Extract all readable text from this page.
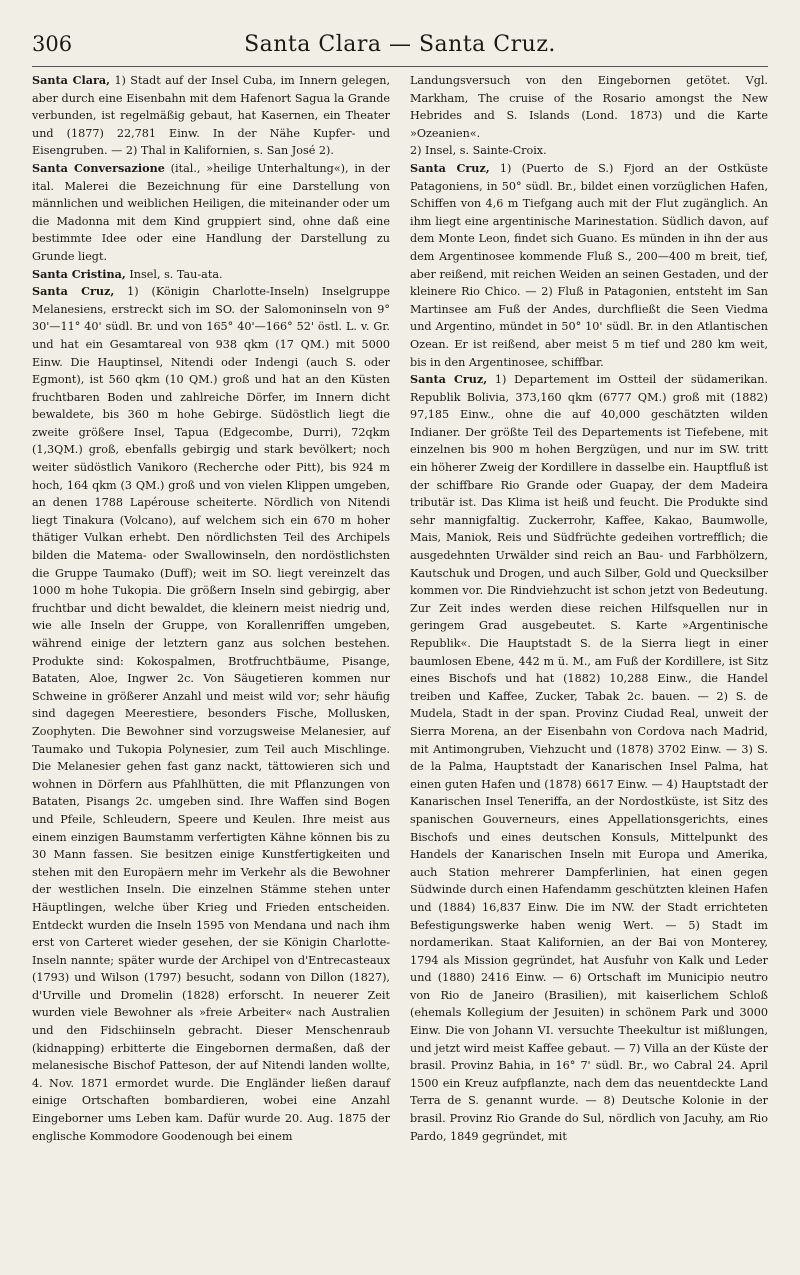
306	Santa Clara — Santa Cruz.

Santa Clara, 1) Stadt auf der Insel Cuba, im Innern gelegen, aber durch eine Eisenbahn mit dem Hafenort Sagua la Grande verbunden, ist regelmäßig gebaut, hat Kasernen, ein Theater und (1877) 22,781 Einw. In der Nähe Kupfer- und Eisengruben. — 2) Thal in Kalifornien, s. San José 2).

Santa Conversazione (ital., »heilige Unterhaltung«), in der ital. Malerei die Bezeichnung für eine Darstellung von männlichen und weiblichen Heiligen, die miteinander oder um die Madonna mit dem Kind gruppiert sind, ohne daß eine bestimmte Idee oder eine Handlung der Darstellung zu Grunde liegt.

Santa Cristina, Insel, s. Tau-ata.

Santa Cruz, 1) (Königin Charlotte-Inseln) Inselgruppe Melanesiens, erstreckt sich im SO. der Salomoninseln von 9° 30'—11° 40' südl. Br. und von 165° 40'—166° 52' östl. L. v. Gr. und hat ein Gesamtareal von 938 qkm (17 QM.) mit 5000 Einw. Die Hauptinsel, Nitendi oder Indengi (auch S. oder Egmont), ist 560 qkm (10 QM.) groß und hat an den Küsten fruchtbaren Boden und zahlreiche Dörfer, im Innern dicht bewaldete, bis 360 m hohe Gebirge. Südöstlich liegt die zweite größere Insel, Tapua (Edgecombe, Durri), 72qkm (1,3QM.) groß, ebenfalls gebirgig und stark bevölkert; noch weiter südöstlich Vanikoro (Recherche oder Pitt), bis 924 m hoch, 164 qkm (3 QM.) groß und von vielen Klippen umgeben, an denen 1788 Lapérouse scheiterte. Nördlich von Nitendi liegt Tinakura (Volcano), auf welchem sich ein 670 m hoher thätiger Vulkan erhebt. Den nördlichsten Teil des Archipels bilden die Matema- oder Swallowinseln, den nordöstlichsten die Gruppe Taumako (Duff); weit im SO. liegt vereinzelt das 1000 m hohe Tukopia. Die größern Inseln sind gebirgig, aber fruchtbar und dicht bewaldet, die kleinern meist niedrig und, wie alle Inseln der Gruppe, von Korallenriffen umgeben, während einige der letztern ganz aus solchen bestehen. Produkte sind: Kokospalmen, Brotfruchtbäume, Pisange, Bataten, Aloe, Ingwer 2c. Von Säugetieren kommen nur Schweine in größerer Anzahl und meist wild vor; sehr häufig sind dagegen Meerestiere, besonders Fische, Mollusken, Zoophyten. Die Bewohner sind vorzugsweise Melanesier, auf Taumako und Tukopia Polynesier, zum Teil auch Mischlinge. Die Melanesier gehen fast ganz nackt, tättowieren sich und wohnen in Dörfern aus Pfahlhütten, die mit Pflanzungen von Bataten, Pisangs 2c. umgeben sind. Ihre Waffen sind Bogen und Pfeile, Schleudern, Speere und Keulen. Ihre meist aus einem einzigen Baumstamm verfertigten Kähne können bis zu 30 Mann fassen. Sie besitzen einige Kunstfertigkeiten und stehen mit den Europäern mehr im Verkehr als die Bewohner der westlichen Inseln. Die einzelnen Stämme stehen unter Häuptlingen, welche über Krieg und Frieden entscheiden. Entdeckt wurden die Inseln 1595 von Mendana und nach ihm erst von Carteret wieder gesehen, der sie Königin Charlotte-Inseln nannte; später wurde der Archipel von d'Entrecasteaux (1793) und Wilson (1797) besucht, sodann von Dillon (1827), d'Urville und Dromelin (1828) erforscht. In neuerer Zeit wurden viele Bewohner als »freie Arbeiter« nach Australien und den Fidschiinseln gebracht. Dieser Menschenraub (kidnapping) erbitterte die Eingebornen dermaßen, daß der melanesische Bischof Patteson, der auf Nitendi landen wollte, 4. Nov. 1871 ermordet wurde. Die Engländer ließen darauf einige Ortschaften bombardieren, wobei eine Anzahl Eingeborner ums Leben kam. Dafür wurde 20. Aug. 1875 der englische Kommodore Goodenough bei einem

Landungsversuch von den Eingebornen getötet. Vgl. Markham, The cruise of the Rosario amongst the New Hebrides and S. Islands (Lond. 1873) und die Karte »Ozeanien«.
2) Insel, s. Sainte-Croix.

Santa Cruz, 1) (Puerto de S.) Fjord an der Ostküste Patagoniens, in 50° südl. Br., bildet einen vorzüglichen Hafen, Schiffen von 4,6 m Tiefgang auch mit der Flut zugänglich. An ihm liegt eine argentinische Marinestation. Südlich davon, auf dem Monte Leon, findet sich Guano. Es münden in ihn der aus dem Argentinosee kommende Fluß S., 200—400 m breit, tief, aber reißend, mit reichen Weiden an seinen Gestaden, und der kleinere Rio Chico. — 2) Fluß in Patagonien, entsteht im San Martinsee am Fuß der Andes, durchfließt die Seen Viedma und Argentino, mündet in 50° 10' südl. Br. in den Atlantischen Ozean. Er ist reißend, aber meist 5 m tief und 280 km weit, bis in den Argentinosee, schiffbar.

Santa Cruz, 1) Departement im Ostteil der südamerikan. Republik Bolivia, 373,160 qkm (6777 QM.) groß mit (1882) 97,185 Einw., ohne die auf 40,000 geschätzten wilden Indianer. Der größte Teil des Departements ist Tiefebene, mit einzelnen bis 900 m hohen Bergzügen, und nur im SW. tritt ein höherer Zweig der Kordillere in dasselbe ein. Hauptfluß ist der schiffbare Rio Grande oder Guapay, der dem Madeira tributär ist. Das Klima ist heiß und feucht. Die Produkte sind sehr mannigfaltig. Zuckerrohr, Kaffee, Kakao, Baumwolle, Mais, Maniok, Reis und Südfrüchte gedeihen vortrefflich; die ausgedehnten Urwälder sind reich an Bau- und Farbhölzern, Kautschuk und Drogen, und auch Silber, Gold und Quecksilber kommen vor. Die Rindviehzucht ist schon jetzt von Bedeutung. Zur Zeit indes werden diese reichen Hilfsquellen nur in geringem Grad ausgebeutet. S. Karte »Argentinische Republik«. Die Hauptstadt S. de la Sierra liegt in einer baumlosen Ebene, 442 m ü. M., am Fuß der Kordillere, ist Sitz eines Bischofs und hat (1882) 10,288 Einw., die Handel treiben und Kaffee, Zucker, Tabak 2c. bauen. — 2) S. de Mudela, Stadt in der span. Provinz Ciudad Real, unweit der Sierra Morena, an der Eisenbahn von Cordova nach Madrid, mit Antimongruben, Viehzucht und (1878) 3702 Einw. — 3) S. de la Palma, Hauptstadt der Kanarischen Insel Palma, hat einen guten Hafen und (1878) 6617 Einw. — 4) Hauptstadt der Kanarischen Insel Teneriffa, an der Nordostküste, ist Sitz des spanischen Gouverneurs, eines Appellationsgerichts, eines Bischofs und eines deutschen Konsuls, Mittelpunkt des Handels der Kanarischen Inseln mit Europa und Amerika, auch Station mehrerer Dampferlinien, hat einen gegen Südwinde durch einen Hafendamm geschützten kleinen Hafen und (1884) 16,837 Einw. Die im NW. der Stadt errichteten Befestigungswerke haben wenig Wert. — 5) Stadt im nordamerikan. Staat Kalifornien, an der Bai von Monterey, 1794 als Mission gegründet, hat Ausfuhr von Kalk und Leder und (1880) 2416 Einw. — 6) Ortschaft im Municipio neutro von Rio de Janeiro (Brasilien), mit kaiserlichem Schloß (ehemals Kollegium der Jesuiten) in schönem Park und 3000 Einw. Die von Johann VI. versuchte Theekultur ist mißlungen, und jetzt wird meist Kaffee gebaut. — 7) Villa an der Küste der brasil. Provinz Bahia, in 16° 7' südl. Br., wo Cabral 24. April 1500 ein Kreuz aufpflanzte, nach dem das neuentdeckte Land Terra de S. genannt wurde. — 8) Deutsche Kolonie in der brasil. Provinz Rio Grande do Sul, nördlich von Jacuhy, am Rio Pardo, 1849 gegründet, mit
